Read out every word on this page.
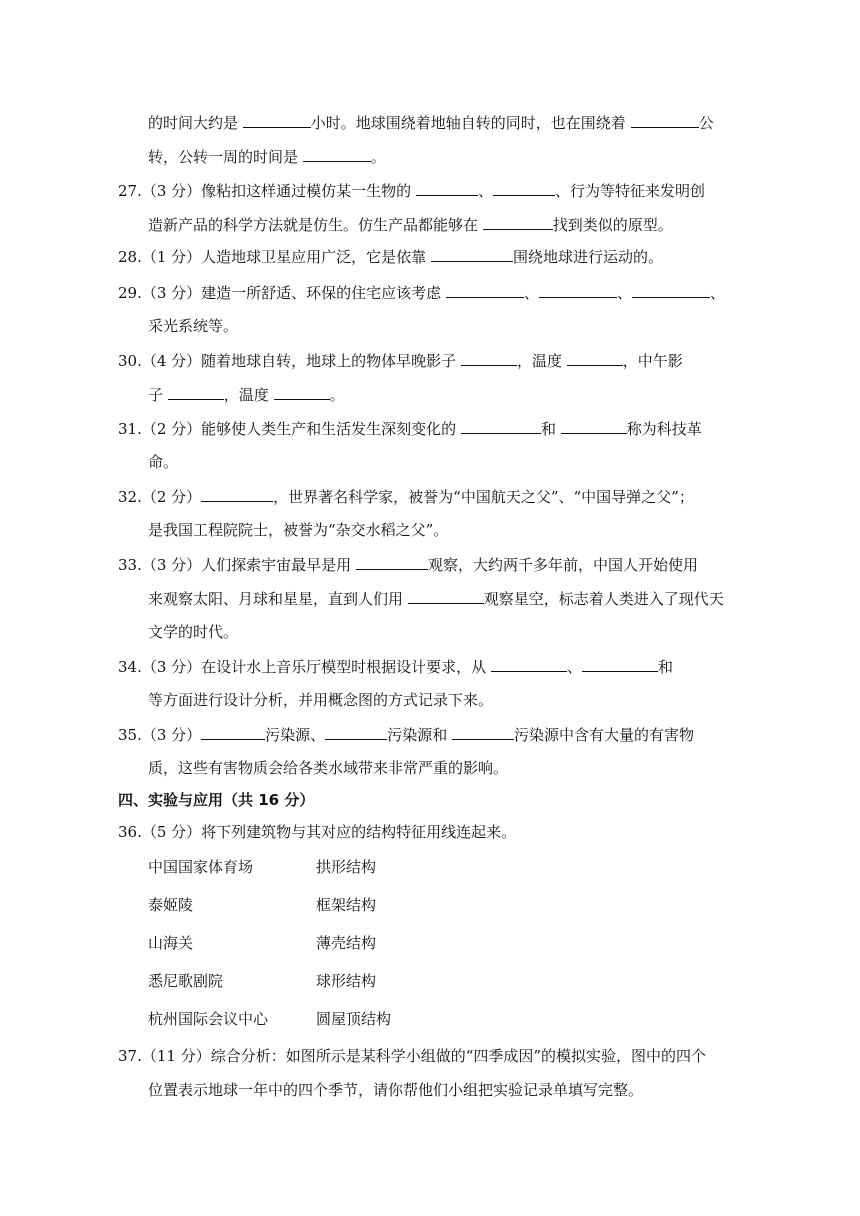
的时间大约是	小时。地球围绕着地轴自转的同时，也在围绕着	公
转，公转一周的时间是	。
27.（3 分）像粘扣这样通过模仿某一生物的	、	、行为等特征来发明创
造新产品的科学方法就是仿生。仿生产品都能够在	找到类似的原型。
28.（1 分）人造地球卫星应用广泛，它是依靠	围绕地球进行运动的。
29.（3 分）建造一所舒适、环保的住宅应该考虑	、	、	、
采光系统等。
30.（4 分）随着地球自转，地球上的物体早晚影子	，温度	，中午影
子	，温度	。
31.（2 分）能够使人类生产和生活发生深刻变化的	和	称为科技革
命。
32.（2 分）	，世界著名科学家，被誉为“中国航天之父”、“中国导弹之父”；
是我国工程院院士，被誉为“杂交水稻之父”。
33.（3 分）人们探索宇宙最早是用	观察，大约两千多年前，中国人开始使用
来观察太阳、月球和星星，直到人们用	观察星空，标志着人类进入了现代天
文学的时代。
34.（3 分）在设计水上音乐厅模型时根据设计要求，从	、	和
等方面进行设计分析，并用概念图的方式记录下来。
35.（3 分）	污染源、	污染源和	污染源中含有大量的有害物
质，这些有害物质会给各类水域带来非常严重的影响。
四、实验与应用（共 16 分）
36.（5 分）将下列建筑物与其对应的结构特征用线连起来。
中国国家体育场	拱形结构
泰姬陵	框架结构
山海关	薄壳结构
悉尼歌剧院	球形结构
杭州国际会议中心	圆屋顶结构
37.（11 分）综合分析：如图所示是某科学小组做的“四季成因”的模拟实验，图中的四个
位置表示地球一年中的四个季节，请你帮他们小组把实验记录单填写完整。
